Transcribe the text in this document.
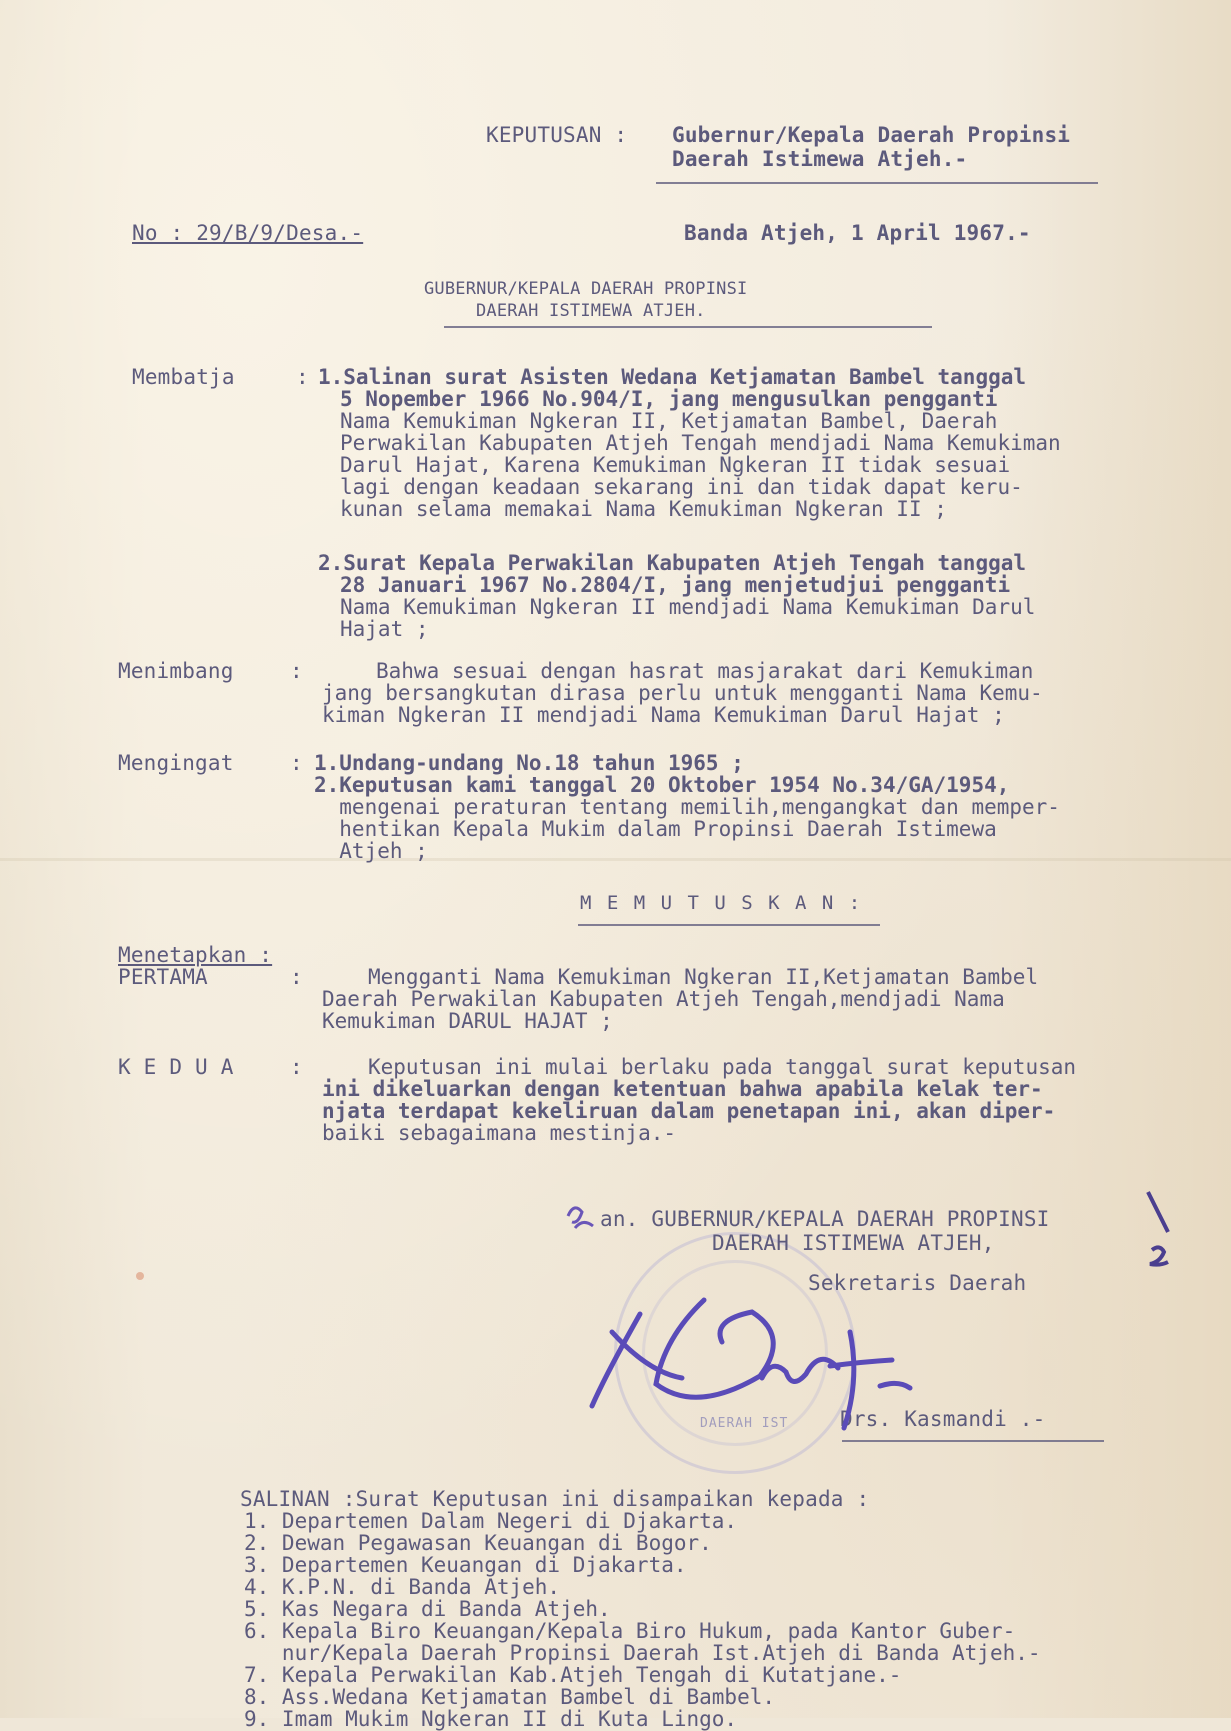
KEPUTUSAN : Gubernur/Kepala Daerah Propinsi
Daerah Istimewa Atjeh.-
No : 29/B/9/Desa.-	Banda Atjeh, 1 April 1967.-
GUBERNUR/KEPALA DAERAH PROPINSI
DAERAH ISTIMEWA ATJEH.
Membatja	: 1.Salinan surat Asisten Wedana Ketjamatan Bambel tanggal
5 Nopember 1966 No.904/I, jang mengusulkan pengganti
Nama Kemukiman Ngkeran II, Ketjamatan Bambel, Daerah
Perwakilan Kabupaten Atjeh Tengah mendjadi Nama Kemukiman
Darul Hajat, Karena Kemukiman Ngkeran II tidak sesuai
lagi dengan keadaan sekarang ini dan tidak dapat keru-
kunan selama memakai Nama Kemukiman Ngkeran II ;
2.Surat Kepala Perwakilan Kabupaten Atjeh Tengah tanggal
28 Januari 1967 No.2804/I, jang menjetudjui pengganti
Nama Kemukiman Ngkeran II mendjadi Nama Kemukiman Darul
Hajat ;
Menimbang	:	Bahwa sesuai dengan hasrat masjarakat dari Kemukiman
jang bersangkutan dirasa perlu untuk mengganti Nama Kemu-
kiman Ngkeran II mendjadi Nama Kemukiman Darul Hajat ;
Mengingat	: 1.Undang-undang No.18 tahun 1965 ;
2.Keputusan kami tanggal 20 Oktober 1954 No.34/GA/1954,
mengenai peraturan tentang memilih,mengangkat dan memper-
hentikan Kepala Mukim dalam Propinsi Daerah Istimewa
Atjeh ;
M E M U T U S K A N :
Menetapkan :
PERTAMA	:	Mengganti Nama Kemukiman Ngkeran II,Ketjamatan Bambel
Daerah Perwakilan Kabupaten Atjeh Tengah,mendjadi Nama
Kemukiman DARUL HAJAT ;
K E D U A	:	Keputusan ini mulai berlaku pada tanggal surat keputusan
ini dikeluarkan dengan ketentuan bahwa apabila kelak ter-
njata terdapat kekeliruan dalam penetapan ini, akan diper-
baiki sebagaimana mestinja.-
DAERAH IST
an. GUBERNUR/KEPALA DAERAH PROPINSI
DAERAH ISTIMEWA ATJEH,
Sekretaris Daerah
Drs. Kasmandi .-
SALINAN :Surat Keputusan ini disampaikan kepada :
1. Departemen Dalam Negeri di Djakarta.
2. Dewan Pegawasan Keuangan di Bogor.
3. Departemen Keuangan di Djakarta.
4. K.P.N. di Banda Atjeh.
5. Kas Negara di Banda Atjeh.
6. Kepala Biro Keuangan/Kepala Biro Hukum, pada Kantor Guber-
nur/Kepala Daerah Propinsi Daerah Ist.Atjeh di Banda Atjeh.-
7. Kepala Perwakilan Kab.Atjeh Tengah di Kutatjane.-
8. Ass.Wedana Ketjamatan Bambel di Bambel.
9. Imam Mukim Ngkeran II di Kuta Lingo.
